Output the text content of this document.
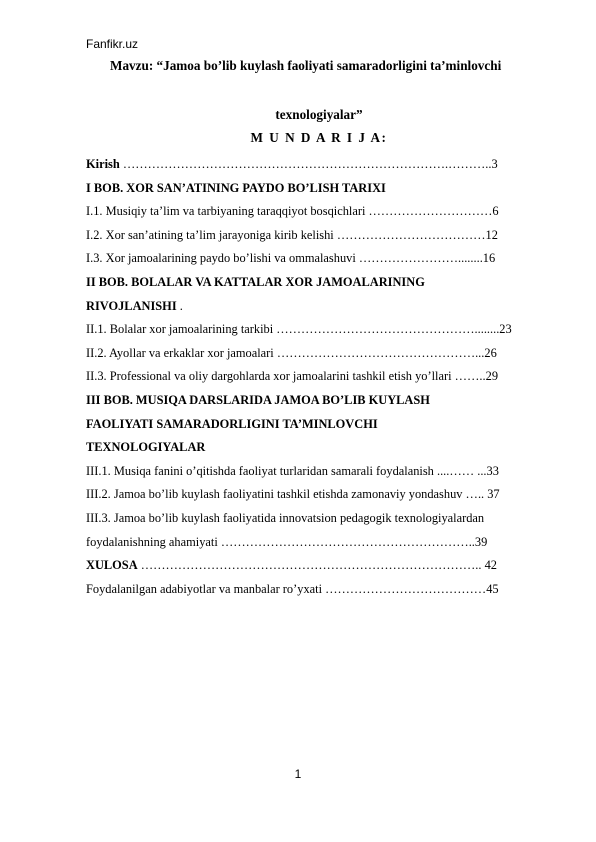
Fanfikr.uz
Mavzu: “Jamoa bo’lib kuylash faoliyati samaradorligini ta’minlovchi
texnologiyalar”
M U N D A R I J A:
Kirish …………………………………………………………………….………..3
I BOB. XOR SAN’ATINING PAYDO BO’LISH TARIXI
I.1. Musiqiy ta’lim va tarbiyaning taraqqiyot bosqichlari …………………………6
I.2. Xor san’atining ta’lim jarayoniga kirib kelishi ………………………………12
I.3. Xor jamoalarining paydo bo’lishi va ommalashuvi ……………………........16
II BOB. BOLALAR VA KATTALAR XOR JAMOALARINING
RIVOJLANISHI .
II.1. Bolalar xor jamoalarining tarkibi …………………………………………........23
II.2. Ayollar va erkaklar xor jamoalari …………………………………………...26
II.3. Professional va oliy dargohlarda xor jamoalarini tashkil etish yo’llari ……..29
III BOB. MUSIQA DARSLARIDA JAMOA BO’LIB KUYLASH
FAOLIYATI SAMARADORLIGINI TA’MINLOVCHI
TEXNOLOGIYALAR
III.1. Musiqa fanini o’qitishda faoliyat turlaridan samarali foydalanish ....…… ...33
III.2. Jamoa bo’lib kuylash faoliyatini tashkil etishda zamonaviy yondashuv ….. 37
III.3. Jamoa bo’lib kuylash faoliyatida innovatsion pedagogik texnologiyalardan
foydalanishning ahamiyati ……………………………………………………..39
XULOSA ……………………………………………………………………….. 42
Foydalanilgan adabiyotlar va manbalar ro’yxati …………………………………45
1
